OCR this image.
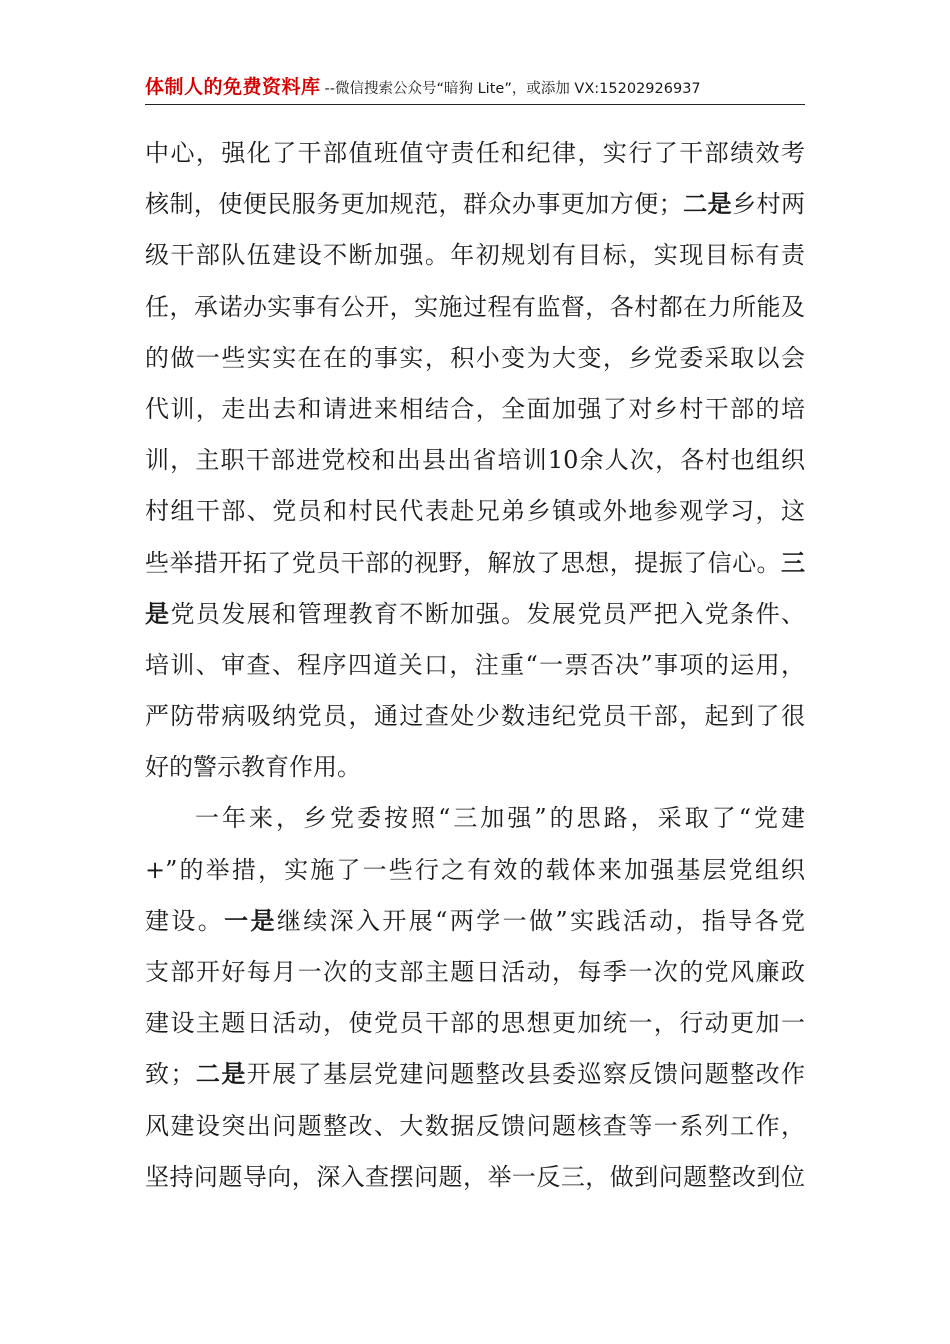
体制人的免费资料库 --微信搜索公众号“暗狗 Lite”，或添加 VX:15202926937
中心，强化了干部值班值守责任和纪律，实行了干部绩效考
核制，使便民服务更加规范，群众办事更加方便；二是乡村两
级干部队伍建设不断加强。年初规划有目标，实现目标有责
任，承诺办实事有公开，实施过程有监督，各村都在力所能及
的做一些实实在在的事实，积小变为大变，乡党委采取以会
代训，走出去和请进来相结合，全面加强了对乡村干部的培
训，主职干部进党校和出县出省培训10余人次，各村也组织
村组干部、党员和村民代表赴兄弟乡镇或外地参观学习，这
些举措开拓了党员干部的视野，解放了思想，提振了信心。三
是党员发展和管理教育不断加强。发展党员严把入党条件、
培训、审查、程序四道关口，注重“一票否决”事项的运用，
严防带病吸纳党员，通过查处少数违纪党员干部，起到了很
好的警示教育作用。
一年来，乡党委按照“三加强”的思路，采取了“党建
+”的举措，实施了一些行之有效的载体来加强基层党组织
建设。一是继续深入开展“两学一做”实践活动，指导各党
支部开好每月一次的支部主题日活动，每季一次的党风廉政
建设主题日活动，使党员干部的思想更加统一，行动更加一
致；二是开展了基层党建问题整改县委巡察反馈问题整改作
风建设突出问题整改、大数据反馈问题核查等一系列工作，
坚持问题导向，深入查摆问题，举一反三，做到问题整改到位
